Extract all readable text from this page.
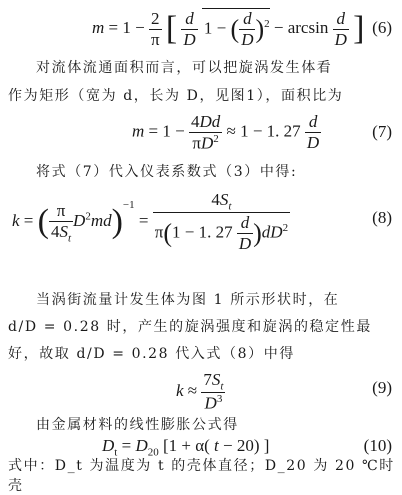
$m = 1 - \frac{2}{\pi}$ [ $\frac{d}{D} 1$ − ( $\frac{d}{D} )^2 - \arcsin \frac{d}{D}$ ] (6)
对流体流通面积而言，可以把旋涡发生体看
作为矩形（宽为 d，长为 D，见图1），面积比为
$m = 1 - \frac{4Dd}{\pi D^2} \approx 1 - 1$. $27 \frac{d}{D}$	(7)
将式（7）代入仪表系数式（3）中得:
k = ( $\frac{\pi}{4S_t} D^2md)^{-1} = \frac{4S_t}{\pi(1 - 1. 27 \frac{d}{D} )dD^2}$	(8)
当涡街流量计发生体为图 1 所示形状时，在
d/D = 0.28 时，产生的旋涡强度和旋涡的稳定性最
好，故取 d/D = 0.28 代入式（8）中得
$k \approx \frac{7S_t}{D^3}$	(9)
由金属材料的线性膨胀公式得
$D_t = D_{20}$ [1 + α( t − 20) ]	(10)
式中：D_t 为温度为 t 的壳体直径；D_20 为 20 ℃时壳
